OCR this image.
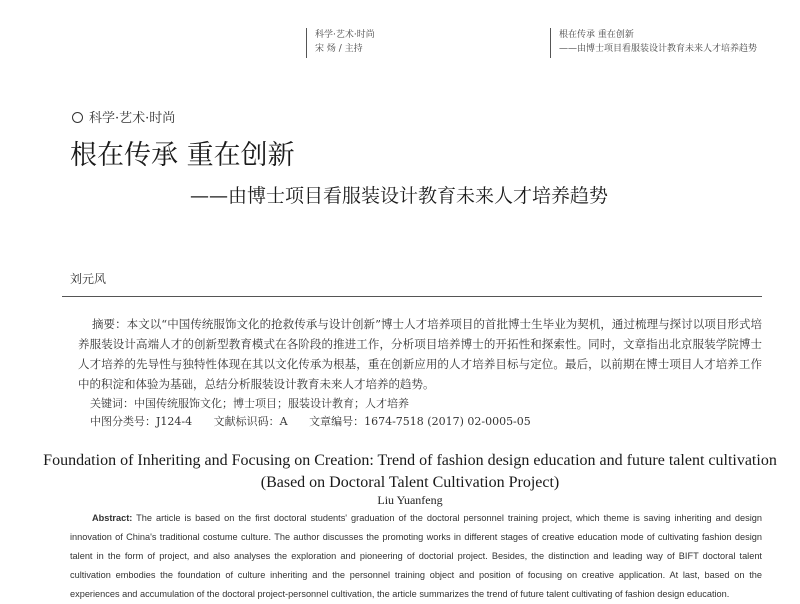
科学·艺术·时尚
宋 炀 / 主持
根在传承 重在创新
——由博士项目看服装设计教育未来人才培养趋势
科学·艺术·时尚
根在传承 重在创新
——由博士项目看服装设计教育未来人才培养趋势
刘元风
摘要：本文以“中国传统服饰文化的抢救传承与设计创新”博士人才培养项目的首批博士生毕业为契机，通过梳理与探讨以项目形式培养服装设计高端人才的创新型教育模式在各阶段的推进工作，分析项目培养博士的开拓性和探索性。同时，文章指出北京服装学院博士人才培养的先导性与独特性体现在其以文化传承为根基，重在创新应用的人才培养目标与定位。最后，以前期在博士项目人才培养工作中的积淀和体验为基础，总结分析服装设计教育未来人才培养的趋势。
关键词：中国传统服饰文化；博士项目；服装设计教育；人才培养
中图分类号：J124-4 文献标识码：A 文章编号：1674-7518 (2017) 02-0005-05
Foundation of Inheriting and Focusing on Creation: Trend of fashion design education and future talent cultivation (Based on Doctoral Talent Cultivation Project)
Liu Yuanfeng
Abstract: The article is based on the first doctoral students' graduation of the doctoral personnel training project, which theme is saving inheriting and design innovation of China's traditional costume culture. The author discusses the promoting works in different stages of creative education mode of cultivating fashion design talent in the form of project, and also analyses the exploration and pioneering of doctorial project. Besides, the distinction and leading way of BIFT doctoral talent cultivation embodies the foundation of culture inheriting and the personnel training object and position of focusing on creative application. At last, based on the experiences and accumulation of the doctoral project-personnel cultivation, the article summarizes the trend of future talent cultivating of fashion design education.
